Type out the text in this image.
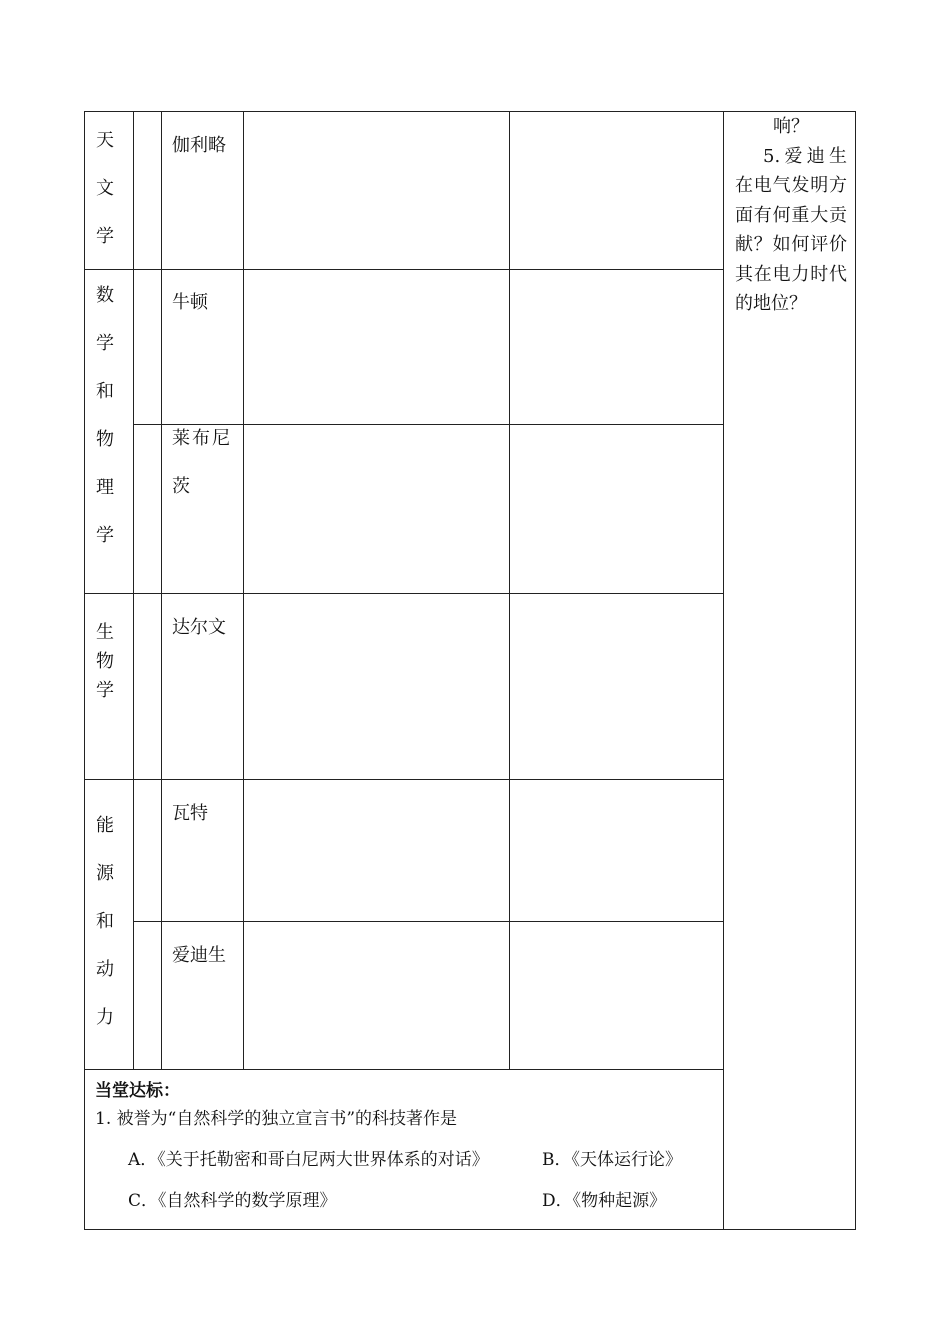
天
文
学
数
学
和
物
理
学
生
物
学
能
源
和
动
力
伽利略
牛顿
莱布尼
茨
达尔文
瓦特
爱迪生
响？
5.爱迪生在电气发明方面有何重大贡献？如何评价其在电力时代的地位？
当堂达标：
1. 被誉为“自然科学的独立宣言书”的科技著作是
A．《关于托勒密和哥白尼两大世界体系的对话》	B．《天体运行论》
C．《自然科学的数学原理》	D．《物种起源》
